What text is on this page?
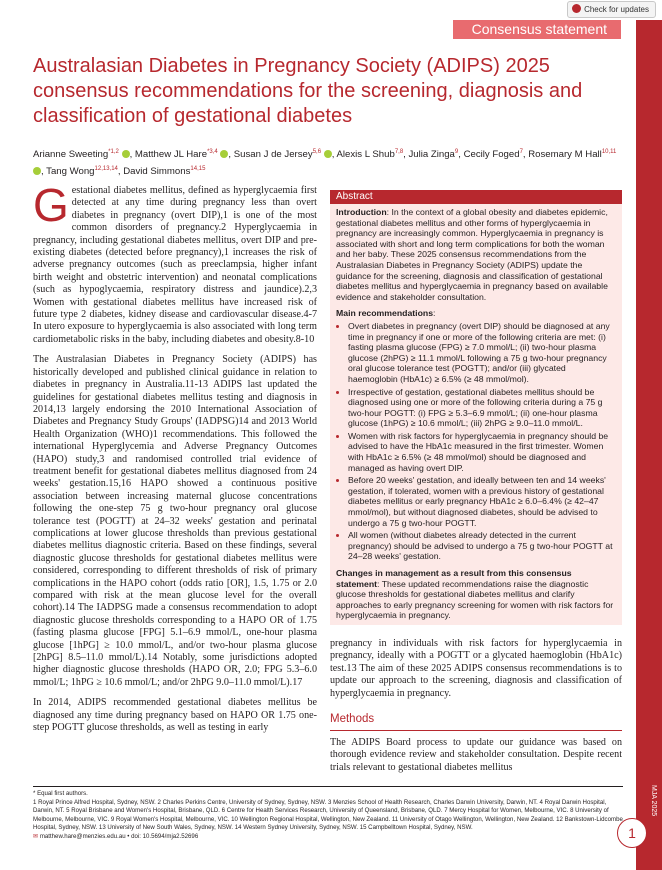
Check for updates
Consensus statement
MJA 2025
1
Australasian Diabetes in Pregnancy Society (ADIPS) 2025 consensus recommendations for the screening, diagnosis and classification of gestational diabetes
Arianne Sweeting$^{*1,2}$ , Matthew JL Hare$^{*3,4}$ , Susan J de Jersey$^{5,6}$ , Alexis L Shub$^{7,8}$, Julia Zinga$^9$, Cecily Foged$^7$, Rosemary M Hall$^{10,11}$ , Tang Wong$^{12,13,14}$, David Simmons$^{14,15}$

Gestational diabetes mellitus, defined as hyperglycaemia first detected at any time during pregnancy less than overt diabetes in pregnancy (overt DIP),1 is one of the most common disorders of pregnancy.2 Hyperglycaemia in pregnancy, including gestational diabetes mellitus, overt DIP and pre-existing diabetes (detected before pregnancy),1 increases the risk of adverse pregnancy outcomes (such as preeclampsia, higher infant birth weight and obstetric intervention) and neonatal complications (such as hypoglycaemia, respiratory distress and jaundice).2,3 Women with gestational diabetes mellitus have increased risk of future type 2 diabetes, kidney disease and cardiovascular disease.4-7 In utero exposure to hyperglycaemia is also associated with long term cardiometabolic risks in the baby, including diabetes and obesity.8-10

The Australasian Diabetes in Pregnancy Society (ADIPS) has historically developed and published clinical guidance in relation to diabetes in pregnancy in Australia.11-13 ADIPS last updated the guidelines for gestational diabetes mellitus testing and diagnosis in 2014,13 largely endorsing the 2010 International Association of Diabetes and Pregnancy Study Groups' (IADPSG)14 and 2013 World Health Organization (WHO)1 recommendations. This followed the international Hyperglycemia and Adverse Pregnancy Outcomes (HAPO) study,3 and randomised controlled trial evidence of treatment benefit for gestational diabetes mellitus diagnosed from 24 weeks' gestation.15,16 HAPO showed a continuous positive association between increasing maternal glucose concentrations following the one-step 75 g two-hour pregnancy oral glucose tolerance test (POGTT) at 24–32 weeks' gestation and perinatal complications at lower glucose thresholds than previous gestational diabetes mellitus diagnostic criteria. Based on these findings, several diagnostic glucose thresholds for gestational diabetes mellitus were considered, corresponding to different thresholds of risk of primary complications in the HAPO cohort (odds ratio [OR], 1.5, 1.75 or 2.0 compared with risk at the mean glucose level for the overall cohort).14 The IADPSG made a consensus recommendation to adopt diagnostic glucose thresholds corresponding to a HAPO OR of 1.75 (fasting plasma glucose [FPG] 5.1–6.9 mmol/L, one-hour plasma glucose [1hPG] ≥ 10.0 mmol/L, and/or two-hour plasma glucose [2hPG] 8.5–11.0 mmol/L).14 Notably, some jurisdictions adopted higher diagnostic glucose thresholds (HAPO OR, 2.0; FPG 5.3–6.0 mmol/L; 1hPG ≥ 10.6 mmol/L; and/or 2hPG 9.0–11.0 mmol/L).17

In 2014, ADIPS recommended gestational diabetes mellitus be diagnosed any time during pregnancy based on HAPO OR 1.75 one-step POGTT glucose thresholds, as well as testing in early

Abstract

Introduction: In the context of a global obesity and diabetes epidemic, gestational diabetes mellitus and other forms of hyperglycaemia in pregnancy are increasingly common. Hyperglycaemia in pregnancy is associated with short and long term complications for both the woman and her baby. These 2025 consensus recommendations from the Australasian Diabetes in Pregnancy Society (ADIPS) update the guidance for the screening, diagnosis and classification of gestational diabetes mellitus and hyperglycaemia in pregnancy based on available evidence and stakeholder consultation.

Main recommendations:

• Overt diabetes in pregnancy (overt DIP) should be diagnosed at any time in pregnancy if one or more of the following criteria are met: (i) fasting plasma glucose (FPG) ≥ 7.0 mmol/L; (ii) two-hour plasma glucose (2hPG) ≥ 11.1 mmol/L following a 75 g two-hour pregnancy oral glucose tolerance test (POGTT); and/or (iii) glycated haemoglobin (HbA1c) ≥ 6.5% (≥ 48 mmol/mol).
• Irrespective of gestation, gestational diabetes mellitus should be diagnosed using one or more of the following criteria during a 75 g two-hour POGTT: (i) FPG ≥ 5.3–6.9 mmol/L; (ii) one-hour plasma glucose (1hPG) ≥ 10.6 mmol/L; (iii) 2hPG ≥ 9.0–11.0 mmol/L.
• Women with risk factors for hyperglycaemia in pregnancy should be advised to have the HbA1c measured in the first trimester. Women with HbA1c ≥ 6.5% (≥ 48 mmol/mol) should be diagnosed and managed as having overt DIP.
• Before 20 weeks' gestation, and ideally between ten and 14 weeks' gestation, if tolerated, women with a previous history of gestational diabetes mellitus or early pregnancy HbA1c ≥ 6.0–6.4% (≥ 42–47 mmol/mol), but without diagnosed diabetes, should be advised to undergo a 75 g two-hour POGTT.
• All women (without diabetes already detected in the current pregnancy) should be advised to undergo a 75 g two-hour POGTT at 24–28 weeks' gestation.

Changes in management as a result from this consensus statement: These updated recommendations raise the diagnostic glucose thresholds for gestational diabetes mellitus and clarify approaches to early pregnancy screening for women with risk factors for hyperglycaemia in pregnancy.

pregnancy in individuals with risk factors for hyperglycaemia in pregnancy, ideally with a POGTT or a glycated haemoglobin (HbA1c) test.13 The aim of these 2025 ADIPS consensus recommendations is to update our approach to the screening, diagnosis and classification of hyperglycaemia in pregnancy.

Methods
The ADIPS Board process to update our guidance was based on thorough evidence review and stakeholder consultation. Despite recent trials relevant to gestational diabetes mellitus

* Equal first authors.

1 Royal Prince Alfred Hospital, Sydney, NSW. 2 Charles Perkins Centre, University of Sydney, Sydney, NSW. 3 Menzies School of Health Research, Charles Darwin University, Darwin, NT. 4 Royal Darwin Hospital, Darwin, NT. 5 Royal Brisbane and Women's Hospital, Brisbane, QLD. 6 Centre for Health Services Research, University of Queensland, Brisbane, QLD. 7 Mercy Hospital for Women, Melbourne, VIC. 8 University of Melbourne, Melbourne, VIC. 9 Royal Women's Hospital, Melbourne, VIC. 10 Wellington Regional Hospital, Wellington, New Zealand. 11 University of Otago Wellington, Wellington, New Zealand. 12 Bankstown-Lidcombe Hospital, Sydney, NSW. 13 University of New South Wales, Sydney, NSW. 14 Western Sydney University, Sydney, NSW. 15 Campbelltown Hospital, Sydney, NSW.

✉ matthew.hare@menzies.edu.au • doi: 10.5694/mja2.52696
